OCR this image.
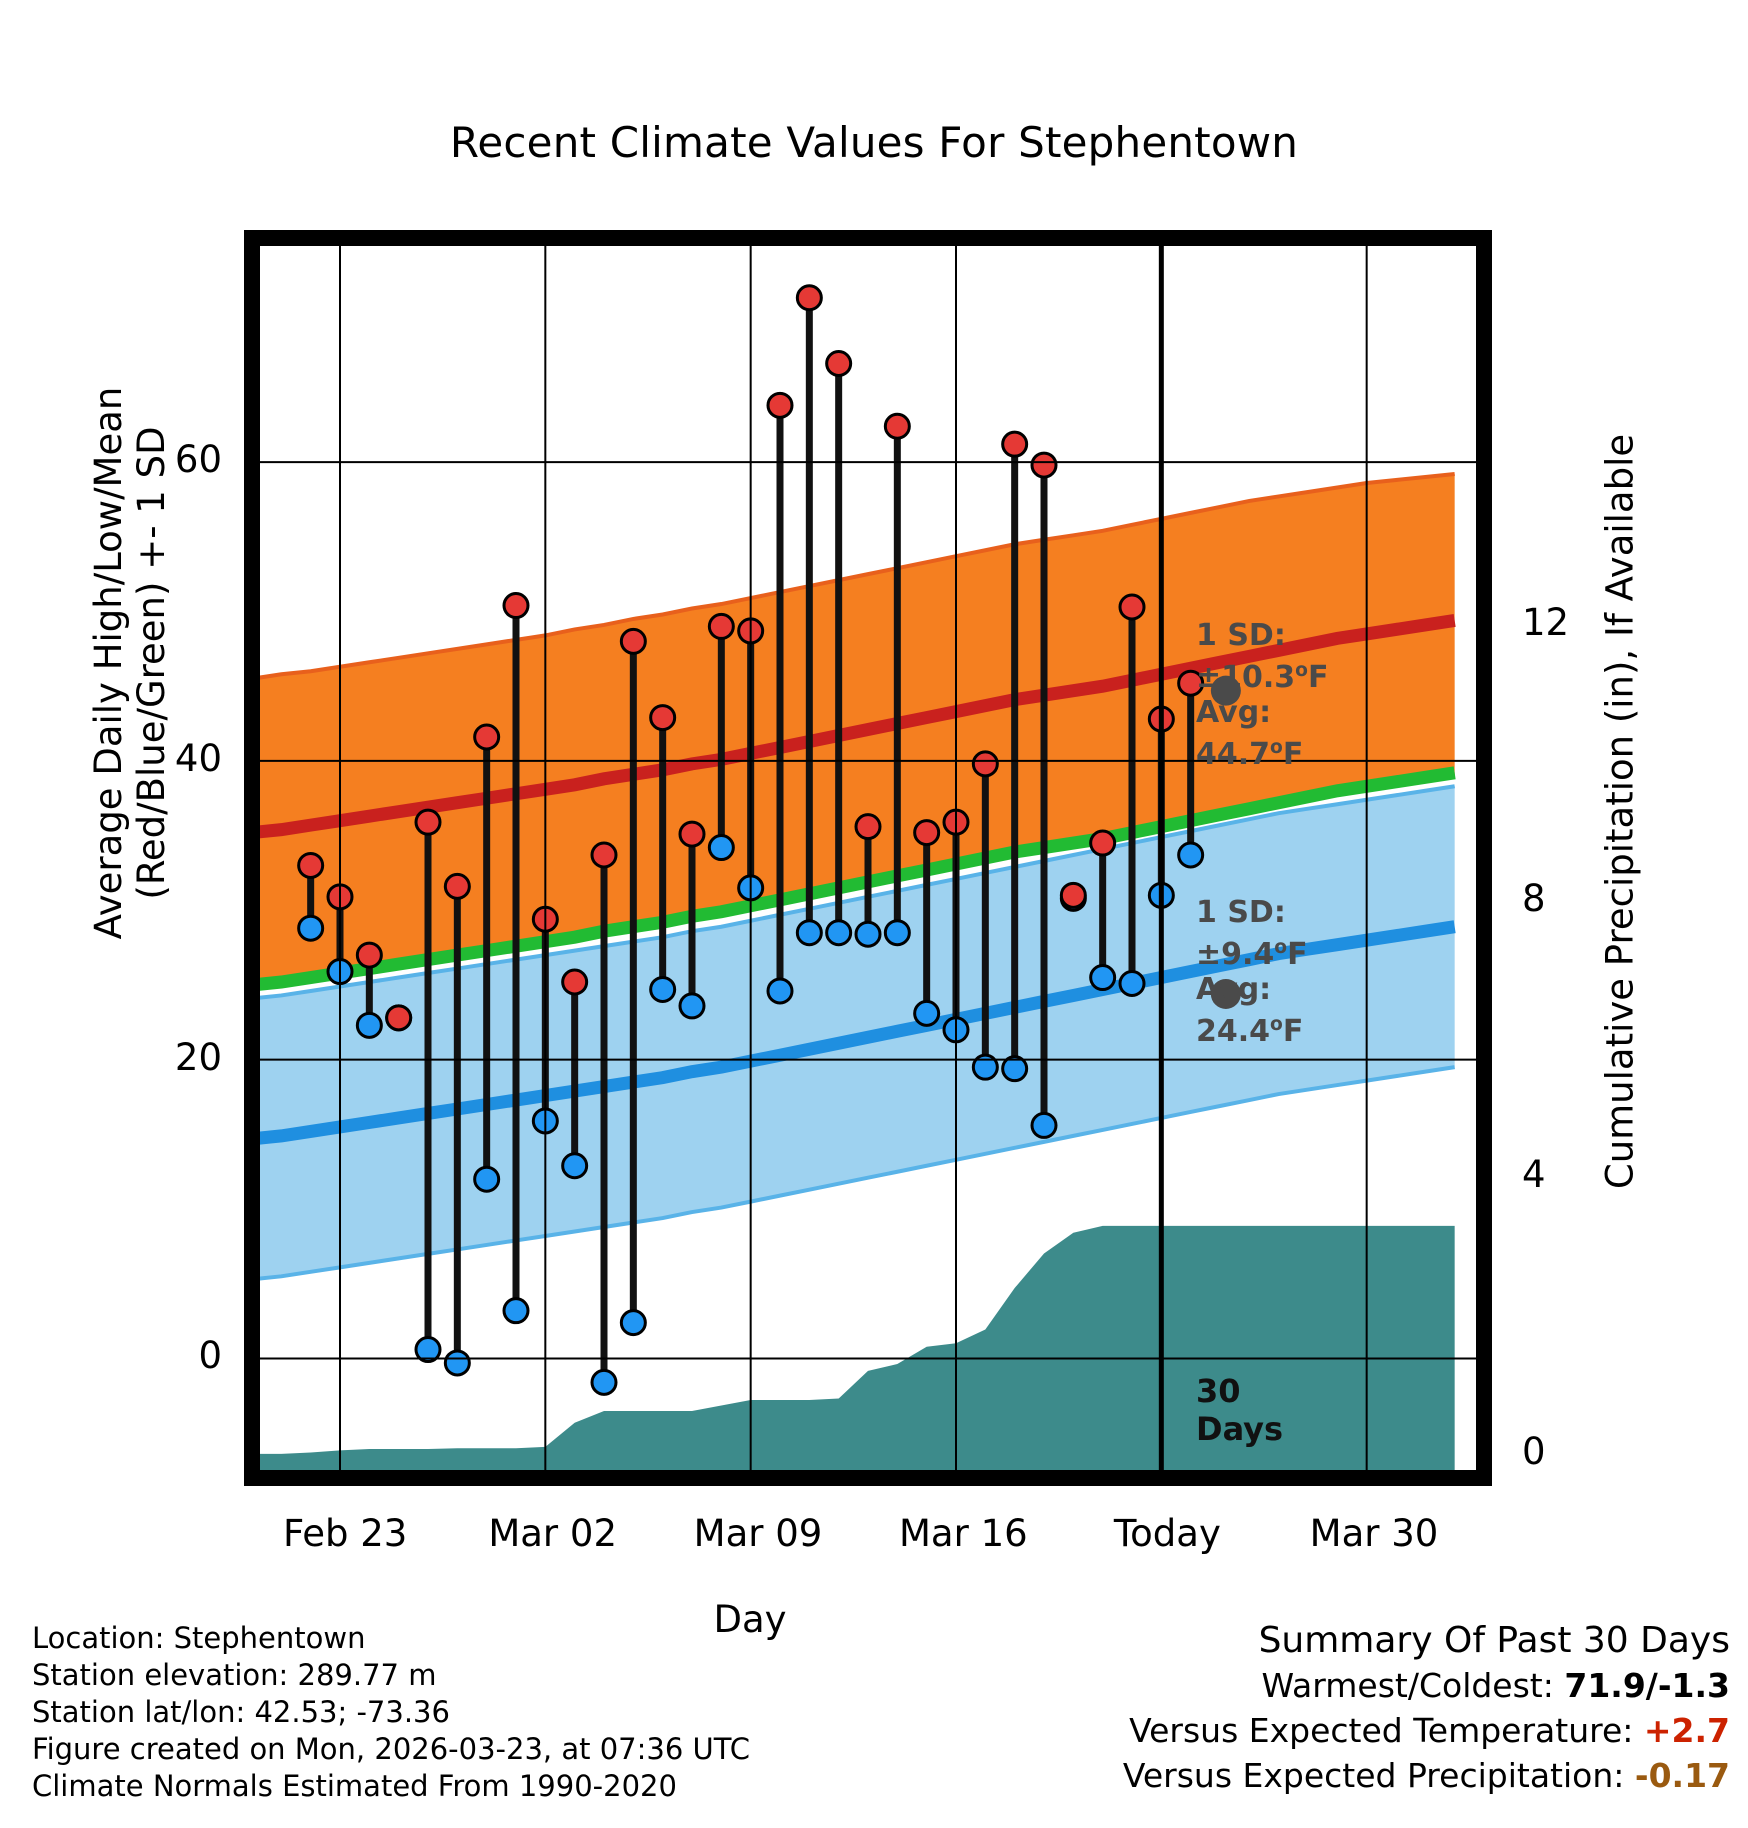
Recent Climate Values For Stephentown
Average Daily High/Low/Mean (Red/Blue/Green) +- 1 SD	Cumulative Precipitation (in), If Available
Day
Feb 23 Mar 02 Mar 09 Mar 16 Today Mar 30
0
20
40
60
0
4
8
12
1 SD:
$\pm 10.3^oF$
Avg:
44.7$^o$F
1 SD:
$\pm 9.4^oF$
Avg:
24.4$^o$F
30
Days
Location: Stephentown
Station elevation: 289.77 m
Station lat/lon: 42.53; -73.36
Figure created on Mon, 2026-03-23, at 07:36 UTC
Climate Normals Estimated From 1990-2020
Summary Of Past 30 Days
Warmest/Coldest: 71.9/-1.3
Versus Expected Temperature: +2.7
Versus Expected Precipitation: -0.17
